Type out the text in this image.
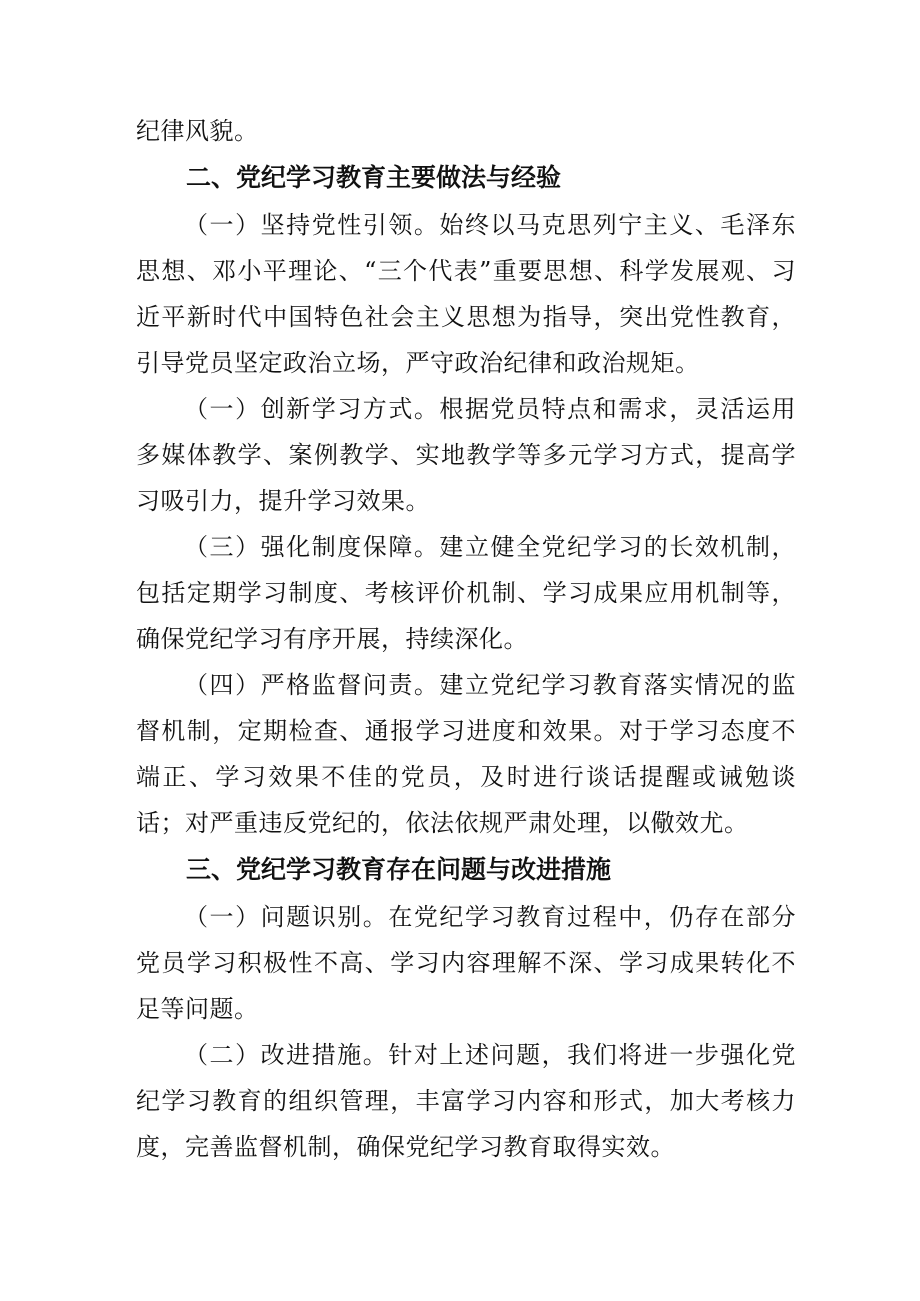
纪律风貌。

二、党纪学习教育主要做法与经验

（一）坚持党性引领。始终以马克思列宁主义、毛泽东思想、邓小平理论、“三个代表”重要思想、科学发展观、习近平新时代中国特色社会主义思想为指导，突出党性教育，引导党员坚定政治立场，严守政治纪律和政治规矩。

（一）创新学习方式。根据党员特点和需求，灵活运用多媒体教学、案例教学、实地教学等多元学习方式，提高学习吸引力，提升学习效果。

（三）强化制度保障。建立健全党纪学习的长效机制，包括定期学习制度、考核评价机制、学习成果应用机制等，确保党纪学习有序开展，持续深化。

（四）严格监督问责。建立党纪学习教育落实情况的监督机制，定期检查、通报学习进度和效果。对于学习态度不端正、学习效果不佳的党员，及时进行谈话提醒或诫勉谈话；对严重违反党纪的，依法依规严肃处理，以儆效尤。

三、党纪学习教育存在问题与改进措施

（一）问题识别。在党纪学习教育过程中，仍存在部分党员学习积极性不高、学习内容理解不深、学习成果转化不足等问题。

（二）改进措施。针对上述问题，我们将进一步强化党纪学习教育的组织管理，丰富学习内容和形式，加大考核力度，完善监督机制，确保党纪学习教育取得实效。
